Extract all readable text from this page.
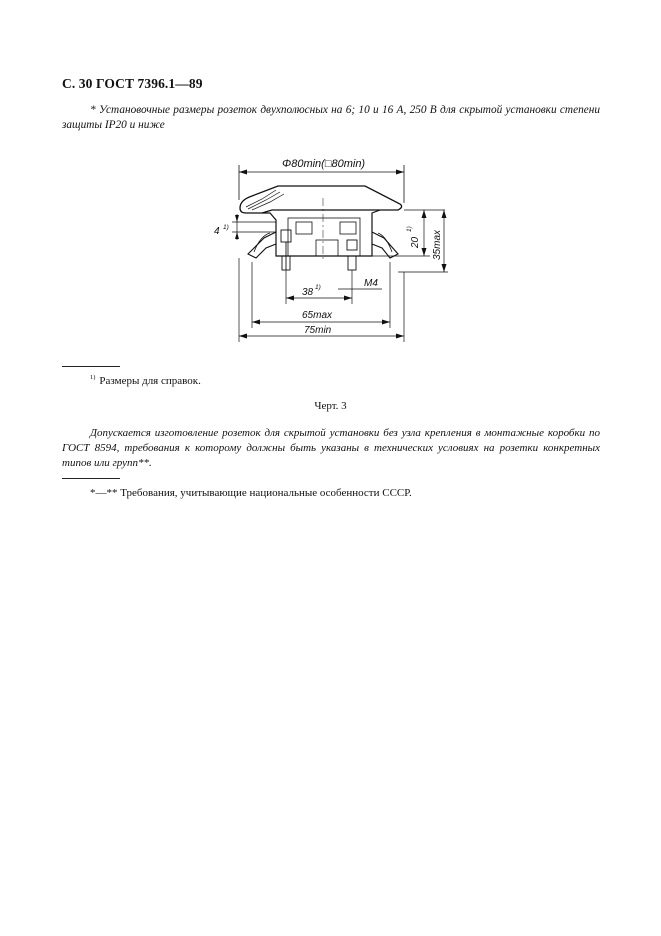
С. 30 ГОСТ 7396.1—89
* Установочные размеры розеток двухполюсных на 6; 10 и 16 А, 250 В для скрытой установки степени защиты IP20 и ниже
Φ80min(□80min)
4 1)
20
1)
35max
38 1)	M4
65max
75min
$^{1)}$ Размеры для справок.
Черт. 3
Допускается изготовление розеток для скрытой установки без узла крепления в монтажные коробки по ГОСТ 8594, требования к которому должны быть указаны в технических условиях на розетки конкретных типов или групп**.
*—** Требования, учитывающие национальные особенности СССР.
